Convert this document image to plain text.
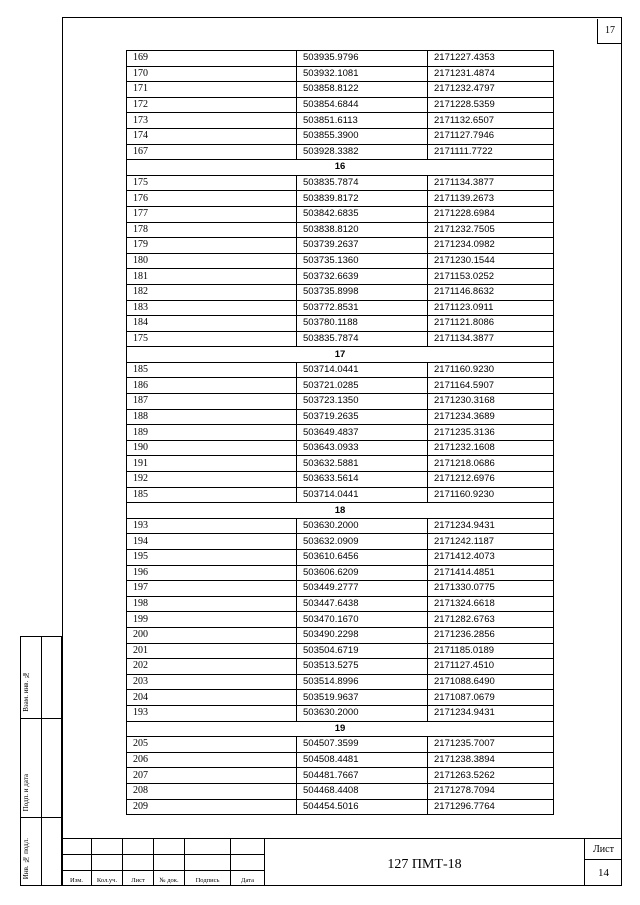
17
Взам. инв. №
Подп. и дата
Инв. № подл.
169	503935.9796	2171227.4353
170	503932.1081	2171231.4874
171	503858.8122	2171232.4797
172	503854.6844	2171228.5359
173	503851.6113	2171132.6507
174	503855.3900	2171127.7946
167	503928.3382	2171111.7722
16		
175	503835.7874	2171134.3877
176	503839.8172	2171139.2673
177	503842.6835	2171228.6984
178	503838.8120	2171232.7505
179	503739.2637	2171234.0982
180	503735.1360	2171230.1544
181	503732.6639	2171153.0252
182	503735.8998	2171146.8632
183	503772.8531	2171123.0911
184	503780.1188	2171121.8086
175	503835.7874	2171134.3877
17		
185	503714.0441	2171160.9230
186	503721.0285	2171164.5907
187	503723.1350	2171230.3168
188	503719.2635	2171234.3689
189	503649.4837	2171235.3136
190	503643.0933	2171232.1608
191	503632.5881	2171218.0686
192	503633.5614	2171212.6976
185	503714.0441	2171160.9230
18		
193	503630.2000	2171234.9431
194	503632.0909	2171242.1187
195	503610.6456	2171412.4073
196	503606.6209	2171414.4851
197	503449.2777	2171330.0775
198	503447.6438	2171324.6618
199	503470.1670	2171282.6763
200	503490.2298	2171236.2856
201	503504.6719	2171185.0189
202	503513.5275	2171127.4510
203	503514.8996	2171088.6490
204	503519.9637	2171087.0679
193	503630.2000	2171234.9431
19		
205	504507.3599	2171235.7007
206	504508.4481	2171238.3894
207	504481.7667	2171263.5262
208	504468.4408	2171278.7094
209	504454.5016	2171296.7764
Изм.	Кол.уч.	Лист	№ док.	Подпись	Дата
127 ПМТ-18
Лист
14
